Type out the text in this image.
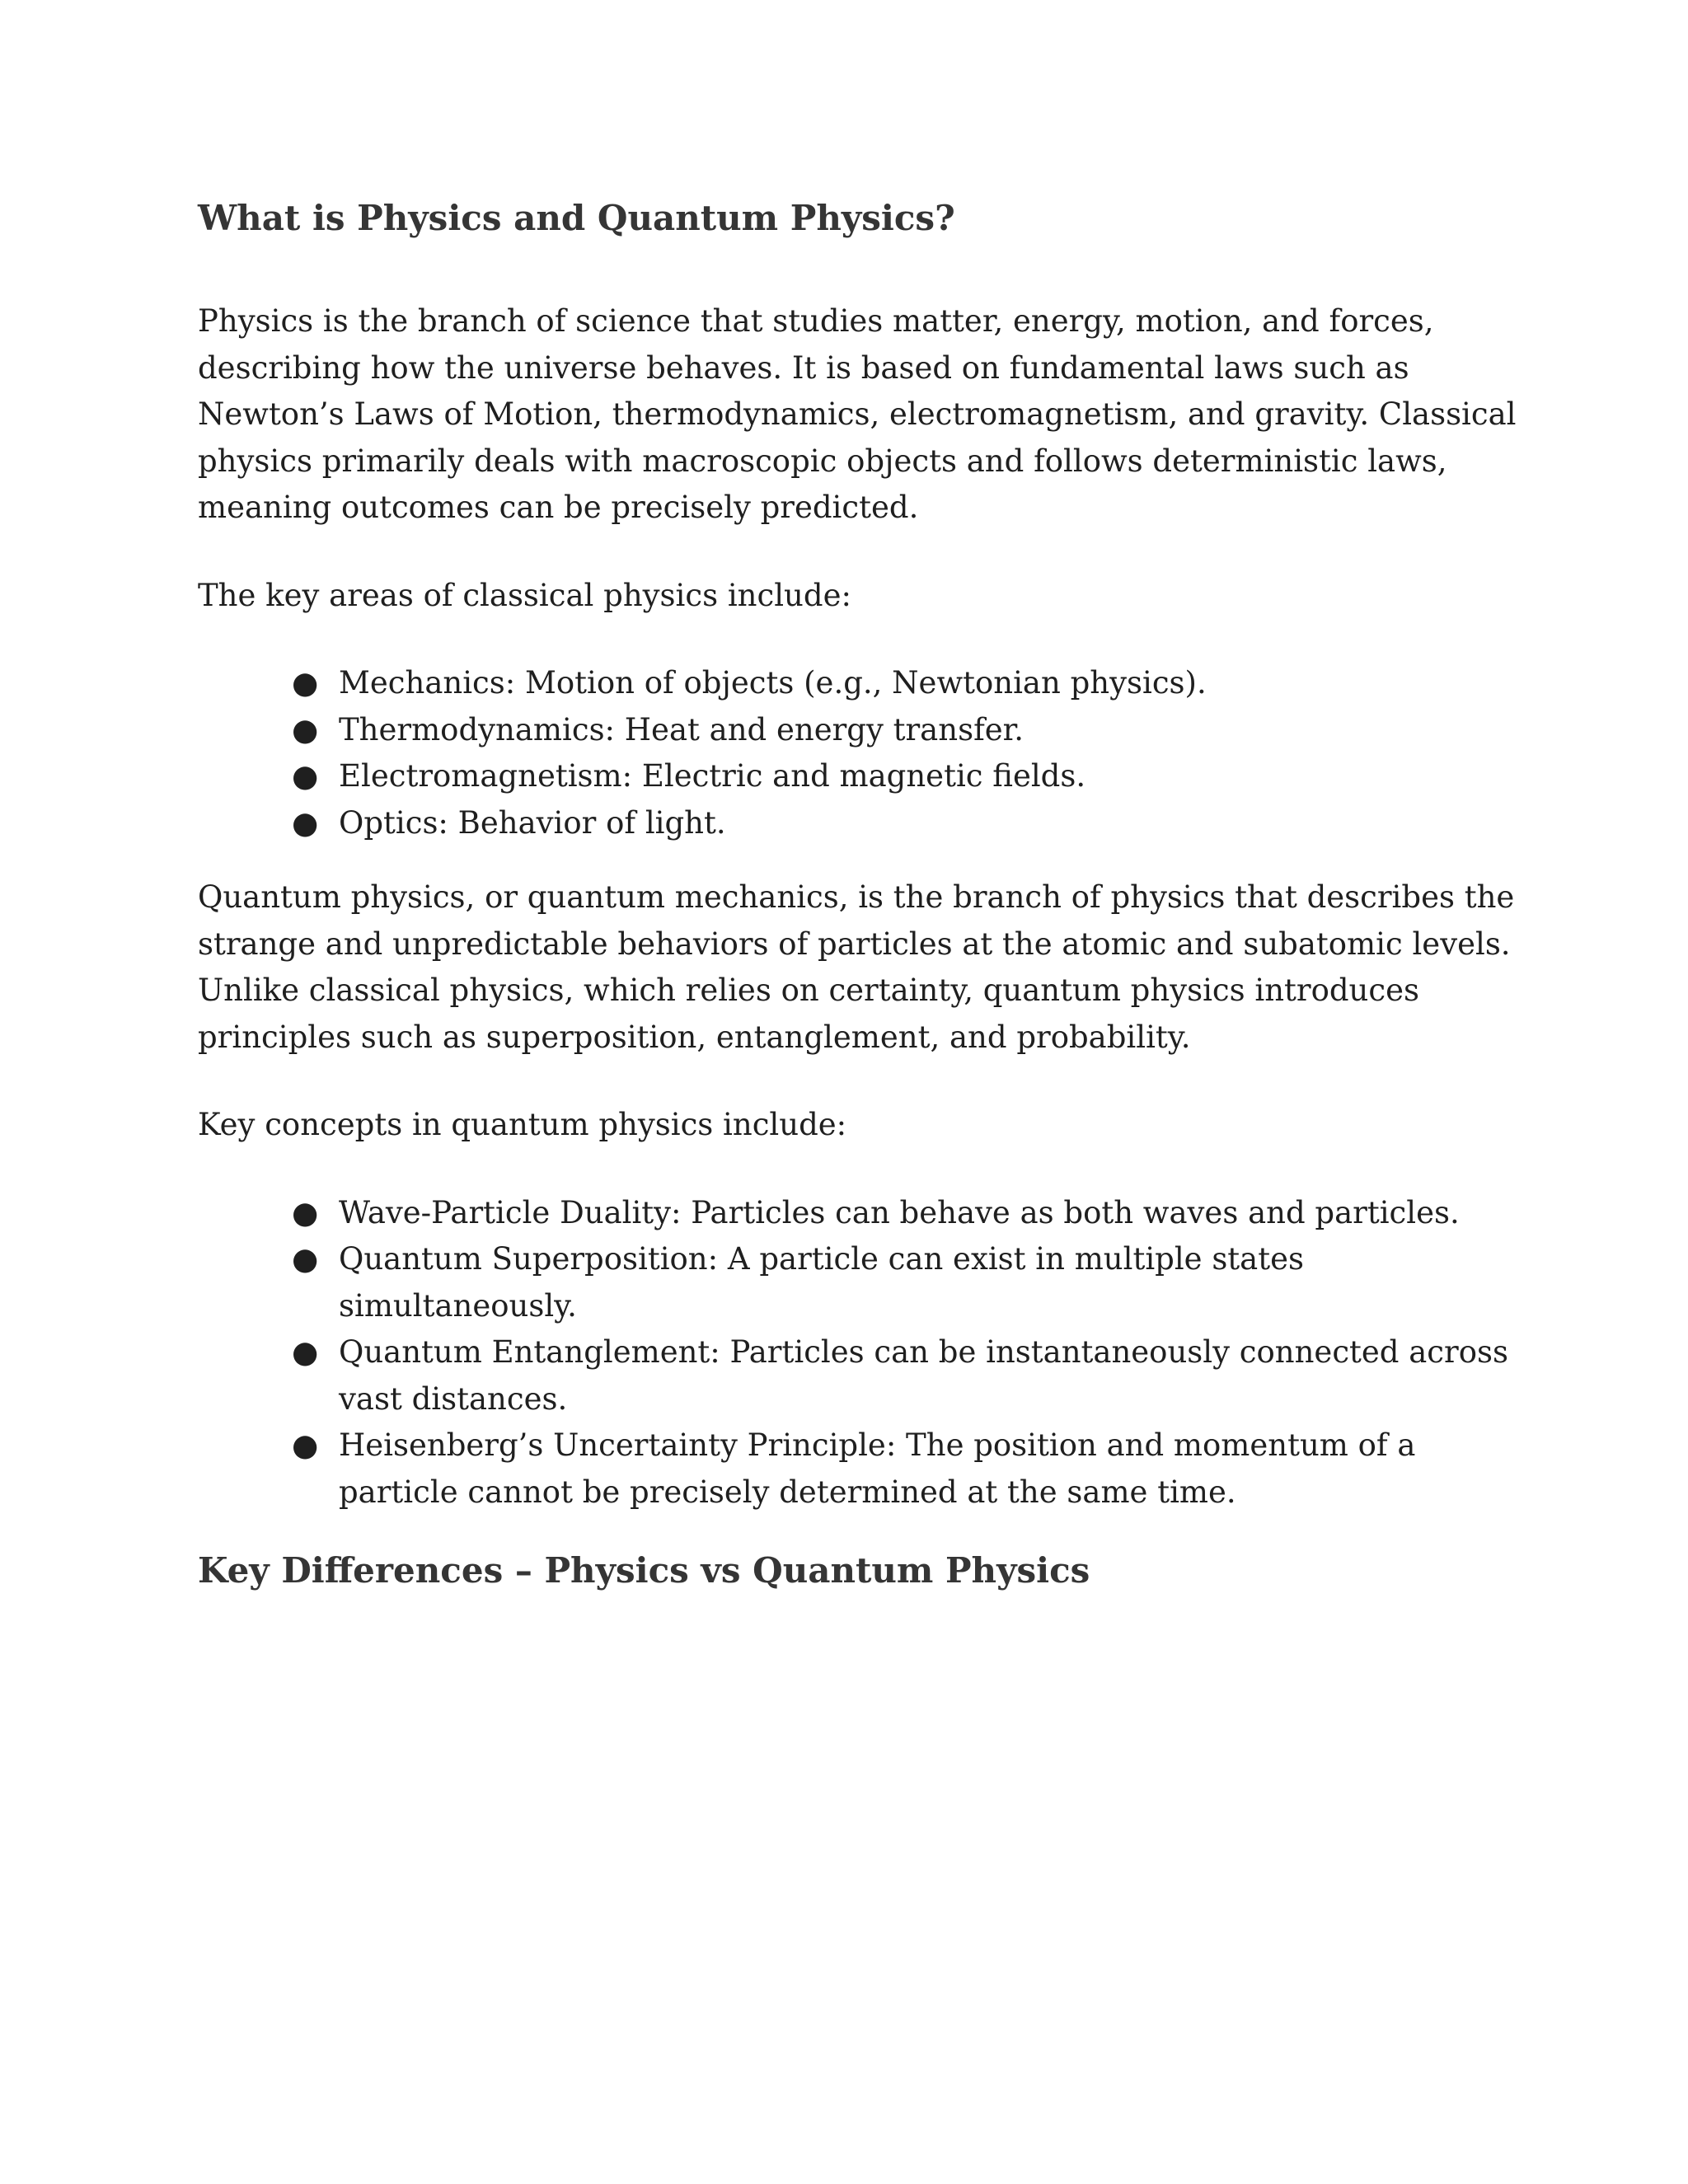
What is Physics and Quantum Physics?

Physics is the branch of science that studies matter, energy, motion, and forces, describing how the universe behaves. It is based on fundamental laws such as Newton’s Laws of Motion, thermodynamics, electromagnetism, and gravity. Classical physics primarily deals with macroscopic objects and follows deterministic laws, meaning outcomes can be precisely predicted.

The key areas of classical physics include:

● Mechanics: Motion of objects (e.g., Newtonian physics).
● Thermodynamics: Heat and energy transfer.
● Electromagnetism: Electric and magnetic fields.
● Optics: Behavior of light.

Quantum physics, or quantum mechanics, is the branch of physics that describes the strange and unpredictable behaviors of particles at the atomic and subatomic levels. Unlike classical physics, which relies on certainty, quantum physics introduces principles such as superposition, entanglement, and probability.

Key concepts in quantum physics include:

● Wave-Particle Duality: Particles can behave as both waves and particles.
● Quantum Superposition: A particle can exist in multiple states simultaneously.
● Quantum Entanglement: Particles can be instantaneously connected across vast distances.
● Heisenberg’s Uncertainty Principle: The position and momentum of a particle cannot be precisely determined at the same time.
Key Differences – Physics vs Quantum Physics
